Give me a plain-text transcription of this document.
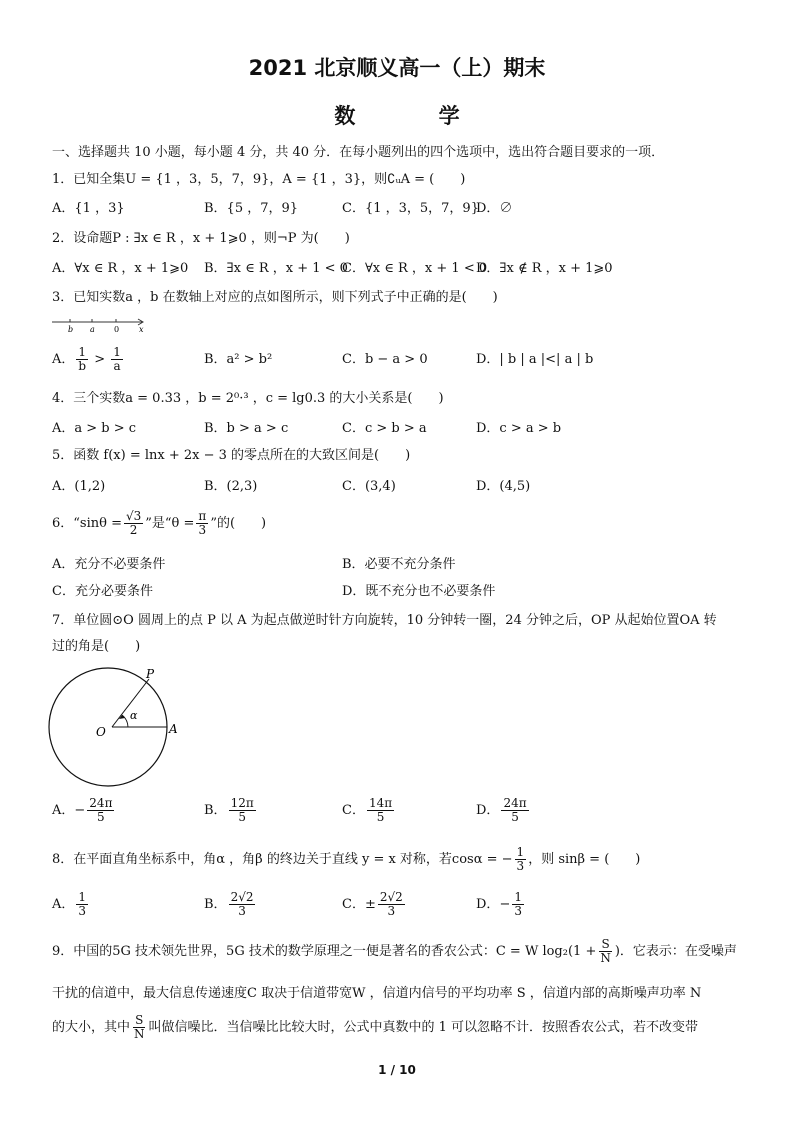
2021 北京顺义高一（上）期末
数 学
一、选择题共 10 小题，每小题 4 分，共 40 分．在每小题列出的四个选项中，选出符合题目要求的一项．
1．已知全集U = {1 ，3，5，7，9}，A = {1 ，3}，则∁ᵤA = (　　)
A．{1 ，3}	B．{5 ，7，9}	C．{1 ，3，5，7，9}
D．∅
2．设命题P : ∃x ∈ R ，x + 1⩾0 ，则¬P 为(　　)
A．∀x ∈ R ，x + 1⩾0 B．∃x ∈ R ，x + 1 < 0
C．∀x ∈ R ，x + 1 < 0
D．∃x ∉ R ，x + 1⩾0
3．已知实数a ，b 在数轴上对应的点如图所示，则下列式子中正确的是(　　)
b a 0 x
A． $\frac{1}{b} > \frac{1}{a}$	B．a² > b²	C．b − a > 0	D．| b | a |<| a | b
4．三个实数a = 0.33 ，b = 2⁰·³ ，c = lg0.3 的大小关系是(　　)
A．a > b > c	B．b > a > c	C．c > b > a	D．c > a > b
5．函数 f(x) = lnx + 2x − 3 的零点所在的大致区间是(　　)
A．(1,2)	B．(2,3)	C．(3,4)	D．(4,5)
6．“$\sin\theta = \frac{√3}{2}$ ”是“$\theta = \frac{\pi}{3}$ ”的(　　)
A．充分不必要条件	B．必要不充分条件
C．充分必要条件	D．既不充分也不必要条件
7．单位圆⊙O 圆周上的点 P 以 A 为起点做逆时针方向旋转，10 分钟转一圈，24 分钟之后，OP 从起始位置OA 转
过的角是(　　)
P
O	A
α
A．− $\frac{24\pi}{5}$	B． $\frac{12\pi}{5}$	C． $\frac{14\pi}{5}$	D． $\frac{24\pi}{5}$
8．在平面直角坐标系中，角α ，角β 的终边关于直线 y = x 对称，若cosα = − $\frac{1}{3}$ ，则 sinβ = (　　)
A． $\frac{1}{3}$	B． $\frac{2√2}{3}$	C．± $\frac{2√2}{3}$	D．− $\frac{1}{3}$
9．中国的5G 技术领先世界，5G 技术的数学原理之一便是著名的香农公式：C = W $\log_2(1 + \frac{S}{N}$ )．它表示：在受噪声
干扰的信道中，最大信息传递速度C 取决于信道带宽W ，信道内信号的平均功率 S ，信道内部的高斯噪声功率 N
的大小，其中 $\frac{S}{N}$ 叫做信噪比．当信噪比比较大时，公式中真数中的 1 可以忽略不计．按照香农公式，若不改变带
1 / 10
